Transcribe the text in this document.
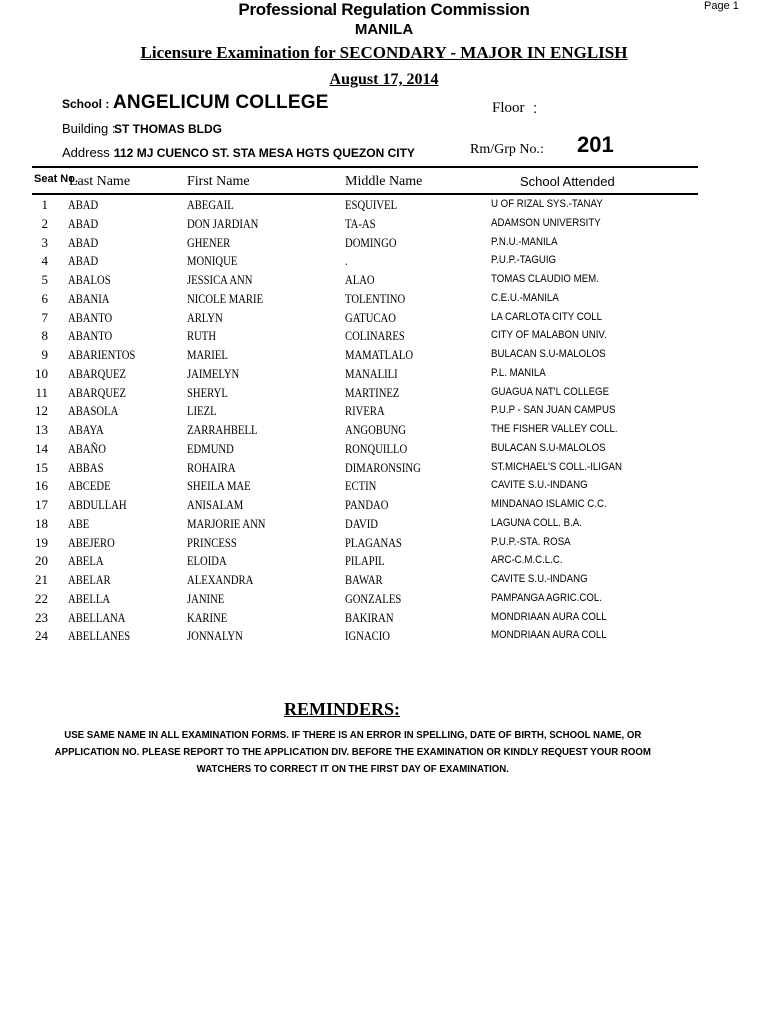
Page 1
Professional Regulation Commission
MANILA
Licensure Examination for SECONDARY - MAJOR IN ENGLISH
August 17, 2014
School : ANGELICUM COLLEGE	Floor :
Building :
ST THOMAS BLDG
Address :
112 MJ CUENCO ST. STA MESA HGTS QUEZON CITY	Rm/Grp No.: 201
Seat No.
Last Name	First Name	Middle Name	School Attended
1 ABAD	ABEGAIL	ESQUIVEL	U OF RIZAL SYS.-TANAY
2 ABAD	DON JARDIAN	TA-AS	ADAMSON UNIVERSITY
3 ABAD	GHENER	DOMINGO	P.N.U.-MANILA
4 ABAD	MONIQUE	.	P.U.P.-TAGUIG
5 ABALOS	JESSICA ANN	ALAO	TOMAS CLAUDIO MEM.
6 ABANIA	NICOLE MARIE	TOLENTINO	C.E.U.-MANILA
7 ABANTO	ARLYN	GATUCAO	LA CARLOTA CITY COLL
8 ABANTO	RUTH	COLINARES	CITY OF MALABON UNIV.
9 ABARIENTOS	MARIEL	MAMATLALO	BULACAN S.U-MALOLOS
10 ABARQUEZ	JAIMELYN	MANALILI	P.L. MANILA
11 ABARQUEZ	SHERYL	MARTINEZ	GUAGUA NAT'L COLLEGE
12 ABASOLA	LIEZL	RIVERA	P.U.P - SAN JUAN CAMPUS
13 ABAYA	ZARRAHBELL	ANGOBUNG	THE FISHER VALLEY COLL.
14 ABAÑO	EDMUND	RONQUILLO	BULACAN S.U-MALOLOS
15 ABBAS	ROHAIRA	DIMARONSING	ST.MICHAEL'S COLL.-ILIGAN
16 ABCEDE	SHEILA MAE	ECTIN	CAVITE S.U.-INDANG
17 ABDULLAH	ANISALAM	PANDAO	MINDANAO ISLAMIC C.C.
18 ABE	MARJORIE ANN	DAVID	LAGUNA COLL. B.A.
19 ABEJERO	PRINCESS	PLAGANAS	P.U.P.-STA. ROSA
20 ABELA	ELOIDA	PILAPIL	ARC-C.M.C.L.C.
21 ABELAR	ALEXANDRA	BAWAR	CAVITE S.U.-INDANG
22 ABELLA	JANINE	GONZALES	PAMPANGA AGRIC.COL.
23 ABELLANA	KARINE	BAKIRAN	MONDRIAAN AURA COLL
24 ABELLANES	JONNALYN	IGNACIO	MONDRIAAN AURA COLL
REMINDERS:
USE SAME NAME IN ALL EXAMINATION FORMS. IF THERE IS AN ERROR IN SPELLING, DATE OF BIRTH, SCHOOL NAME, OR APPLICATION NO. PLEASE REPORT TO THE APPLICATION DIV. BEFORE THE EXAMINATION OR KINDLY REQUEST YOUR ROOM WATCHERS TO CORRECT IT ON THE FIRST DAY OF EXAMINATION.
